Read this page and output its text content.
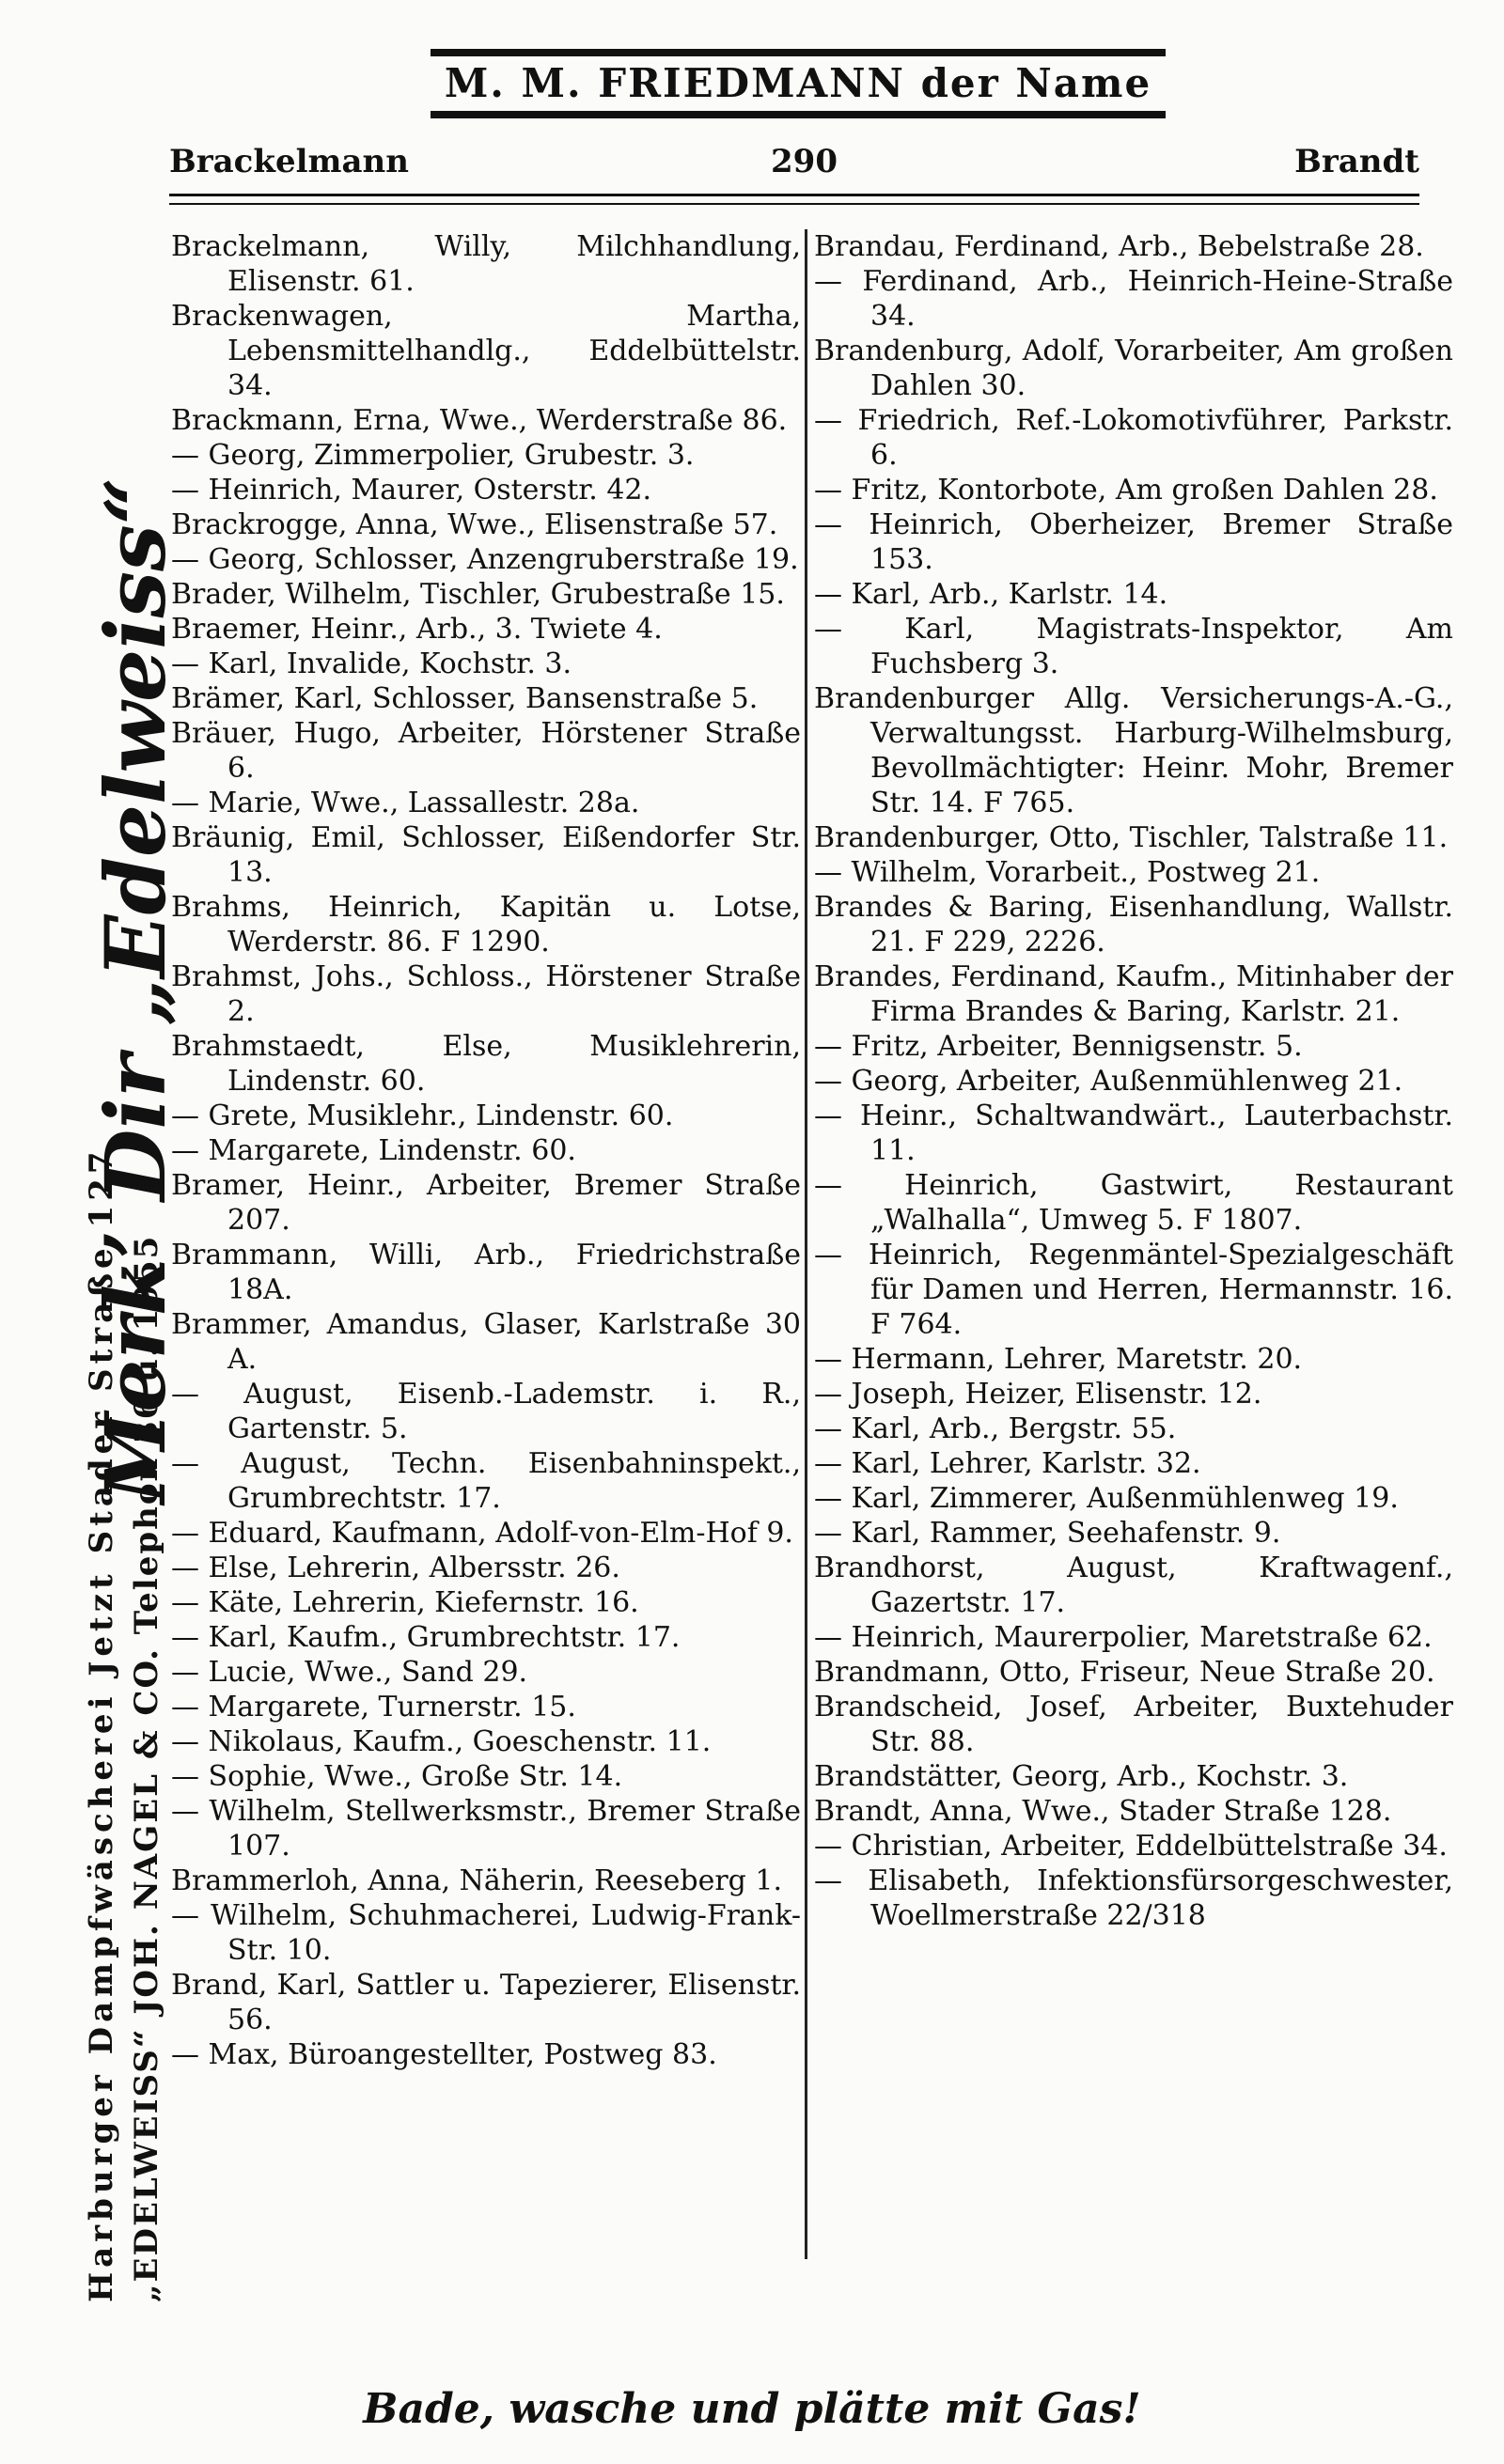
M. M. FRIEDMANN der Name
Brackelmann	290	Brandt

Brackelmann, Willy, Milchhandlung, Elisenstr. 61.

Brackenwagen, Martha, Lebensmittelhandlg., Eddelbüttelstr. 34.

Brackmann, Erna, Wwe., Werderstraße 86.

— Georg, Zimmerpolier, Grubestr. 3.

— Heinrich, Maurer, Osterstr. 42.

Brackrogge, Anna, Wwe., Elisenstraße 57.

— Georg, Schlosser, Anzengruberstraße 19.

Brader, Wilhelm, Tischler, Grubestraße 15.

Braemer, Heinr., Arb., 3. Twiete 4.

— Karl, Invalide, Kochstr. 3.

Brämer, Karl, Schlosser, Bansenstraße 5.

Bräuer, Hugo, Arbeiter, Hörstener Straße 6.

— Marie, Wwe., Lassallestr. 28a.

Bräunig, Emil, Schlosser, Eißendorfer Str. 13.

Brahms, Heinrich, Kapitän u. Lotse, Werderstr. 86. F 1290.

Brahmst, Johs., Schloss., Hörstener Straße 2.

Brahmstaedt, Else, Musiklehrerin, Lindenstr. 60.

— Grete, Musiklehr., Lindenstr. 60.

— Margarete, Lindenstr. 60.

Bramer, Heinr., Arbeiter, Bremer Straße 207.

Brammann, Willi, Arb., Friedrichstraße 18A.

Brammer, Amandus, Glaser, Karlstraße 30 A.

— August, Eisenb.-Lademstr. i. R., Gartenstr. 5.

— August, Techn. Eisenbahninspekt., Grumbrechtstr. 17.

— Eduard, Kaufmann, Adolf-von-Elm-Hof 9.

— Else, Lehrerin, Albersstr. 26.

— Käte, Lehrerin, Kiefernstr. 16.

— Karl, Kaufm., Grumbrechtstr. 17.

— Lucie, Wwe., Sand 29.

— Margarete, Turnerstr. 15.

— Nikolaus, Kaufm., Goeschenstr. 11.

— Sophie, Wwe., Große Str. 14.

— Wilhelm, Stellwerksmstr., Bremer Straße 107.

Brammerloh, Anna, Näherin, Reeseberg 1.

— Wilhelm, Schuhmacherei, Ludwig-Frank-Str. 10.

Brand, Karl, Sattler u. Tapezierer, Elisenstr. 56.

— Max, Büroangestellter, Postweg 83.

Brandau, Ferdinand, Arb., Bebelstraße 28.

— Ferdinand, Arb., Heinrich-Heine-Straße 34.

Brandenburg, Adolf, Vorarbeiter, Am großen Dahlen 30.

— Friedrich, Ref.-Lokomotivführer, Parkstr. 6.

— Fritz, Kontorbote, Am großen Dahlen 28.

— Heinrich, Oberheizer, Bremer Straße 153.

— Karl, Arb., Karlstr. 14.

— Karl, Magistrats-Inspektor, Am Fuchsberg 3.

Brandenburger Allg. Versicherungs-A.-G., Verwaltungsst. Harburg-Wilhelmsburg, Bevollmächtigter: Heinr. Mohr, Bremer Str. 14. F 765.

Brandenburger, Otto, Tischler, Talstraße 11.

— Wilhelm, Vorarbeit., Postweg 21.

Brandes & Baring, Eisenhandlung, Wallstr. 21. F 229, 2226.

Brandes, Ferdinand, Kaufm., Mitinhaber der Firma Brandes & Baring, Karlstr. 21.

— Fritz, Arbeiter, Bennigsenstr. 5.

— Georg, Arbeiter, Außenmühlenweg 21.

— Heinr., Schaltwandwärt., Lauterbachstr. 11.

— Heinrich, Gastwirt, Restaurant „Walhalla“, Umweg 5. F 1807.

— Heinrich, Regenmäntel-Spezialgeschäft für Damen und Herren, Hermannstr. 16. F 764.

— Hermann, Lehrer, Maretstr. 20.

— Joseph, Heizer, Elisenstr. 12.

— Karl, Arb., Bergstr. 55.

— Karl, Lehrer, Karlstr. 32.

— Karl, Zimmerer, Außenmühlenweg 19.

— Karl, Rammer, Seehafenstr. 9.

Brandhorst, August, Kraftwagenf., Gazertstr. 17.

— Heinrich, Maurerpolier, Maretstraße 62.

Brandmann, Otto, Friseur, Neue Straße 20.

Brandscheid, Josef, Arbeiter, Buxtehuder Str. 88.

Brandstätter, Georg, Arb., Kochstr. 3.

Brandt, Anna, Wwe., Stader Straße 128.

— Christian, Arbeiter, Eddelbüttelstraße 34.

— Elisabeth, Infektionsfürsorgeschwester, Woellmerstraße 22/318

Harburger Dampfwäscherei Jetzt Stader Straße 127 „EDELWEISS“ JOH. NAGEL & CO. Telephon 36 u. 1955
Merk’ Dir „Edelweiss“
Bade, wasche und plätte mit Gas!
